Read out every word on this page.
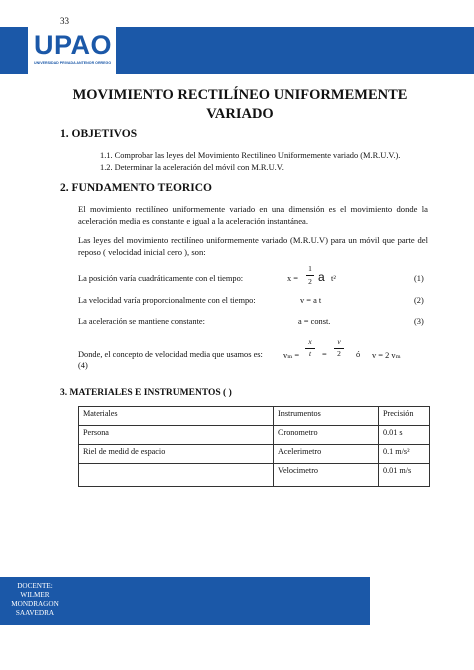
33
UPAO
UNIVERSIDAD PRIVADA ANTENOR ORREGO
MOVIMIENTO RECTILÍNEO UNIFORMEMENTE VARIADO
1. OBJETIVOS
1.1. Comprobar las leyes del Movimiento Rectilineo Uniformemente variado (M.R.U.V.).
1.2. Determinar la aceleración del móvil con M.R.U.V.
2. FUNDAMENTO TEORICO
El movimiento rectilíneo uniformemente variado en una dimensión es el movimiento donde la aceleración media es constante e igual a la aceleración instantánea.
Las leyes del movimiento rectilíneo uniformemente variado (M.R.U.V) para un móvil que parte del reposo ( velocidad inicial cero ), son:
La posición varía cuadráticamente con el tiempo:	x =
1
2 a t²	(1)
La velocidad varía proporcionalmente con el tiempo:	v = a t	(2)
La aceleración se mantiene constante:	a = const.	(3)
Donde, el concepto de velocidad media que usamos es: vₘ =
x
t	=
v
2	ó v = 2 vₘ
(4)
3. MATERIALES E INSTRUMENTOS ( )
Materiales	Instrumentos	Precisión
Persona	Cronometro	0.01 s
Riel de medid de espacio	Acelerimetro	0.1 m/s²
	Velocimetro	0.01 m/s
DOCENTE:
WILMER
MONDRAGON
SAAVEDRA
